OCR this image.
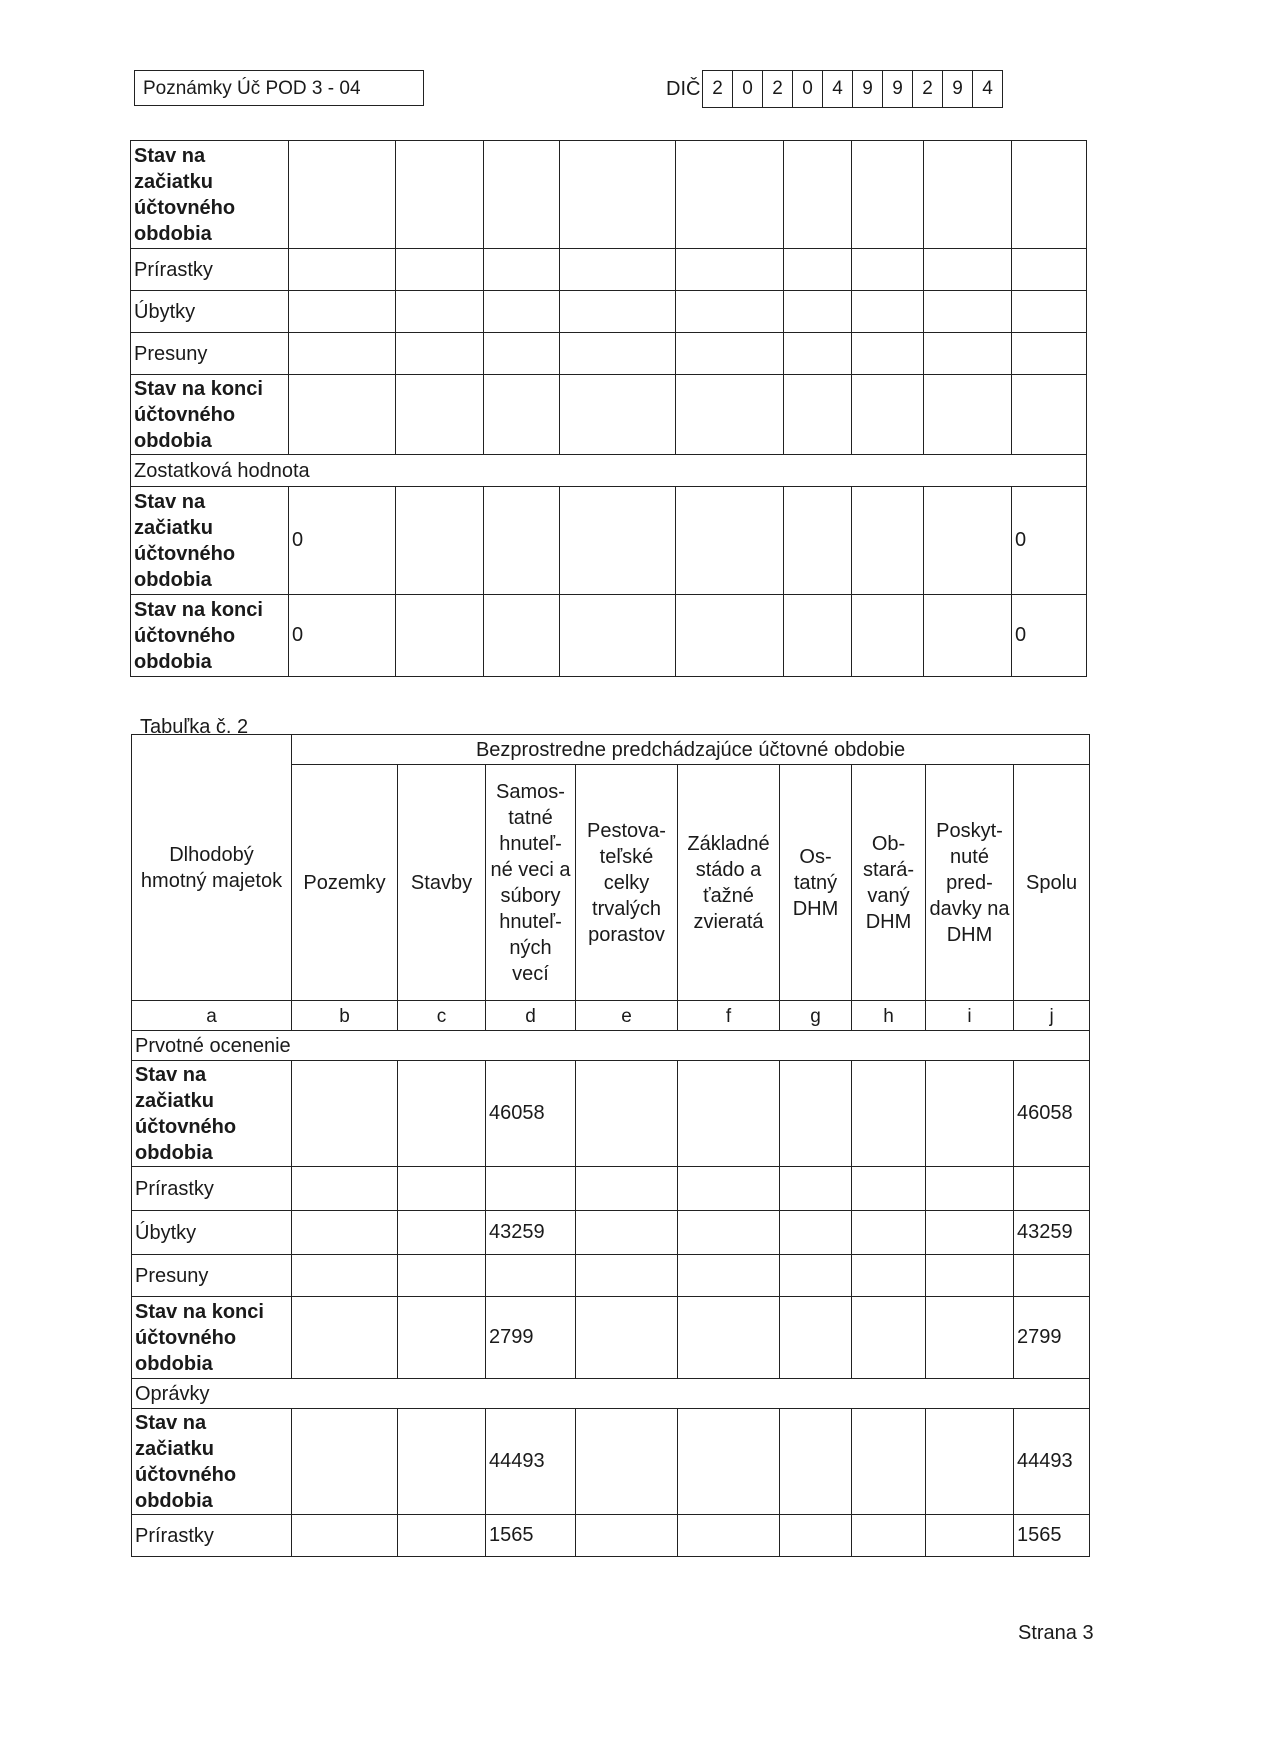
Poznámky Úč POD 3 - 04	DIČ 2	0	2	0	4	9	9	2	9	4
Stav na začiatku účtovného obdobia									
Prírastky									
Úbytky									
Presuny									
Stav na konci účtovného obdobia									
Zostatková hodnota									
Stav na začiatku účtovného obdobia	0								0
Stav na konci účtovného obdobia	0								0
Tabuľka č. 2
Dlhodobý hmotný majetok	Bezprostredne predchádzajúce účtovné obdobie								

	Pozemky	Stavby	Samos- tatné hnuteľ- né veci a súbory hnuteľ- ných vecí	Pestova- teľské celky trvalých porastov	Základné stádo a ťažné zvieratá	Os- tatný DHM	Ob- stará- vaný DHM	Poskyt- nuté pred- davky na DHM	Spolu

a	b	c	d	e	f	g	h	i	j
Prvotné ocenenie									
Stav na začiatku účtovného obdobia			46058						46058
Prírastky									
Úbytky			43259						43259
Presuny									
Stav na konci účtovného obdobia			2799						2799
Oprávky									
Stav na začiatku účtovného obdobia			44493						44493
Prírastky			1565						1565
Strana 3
